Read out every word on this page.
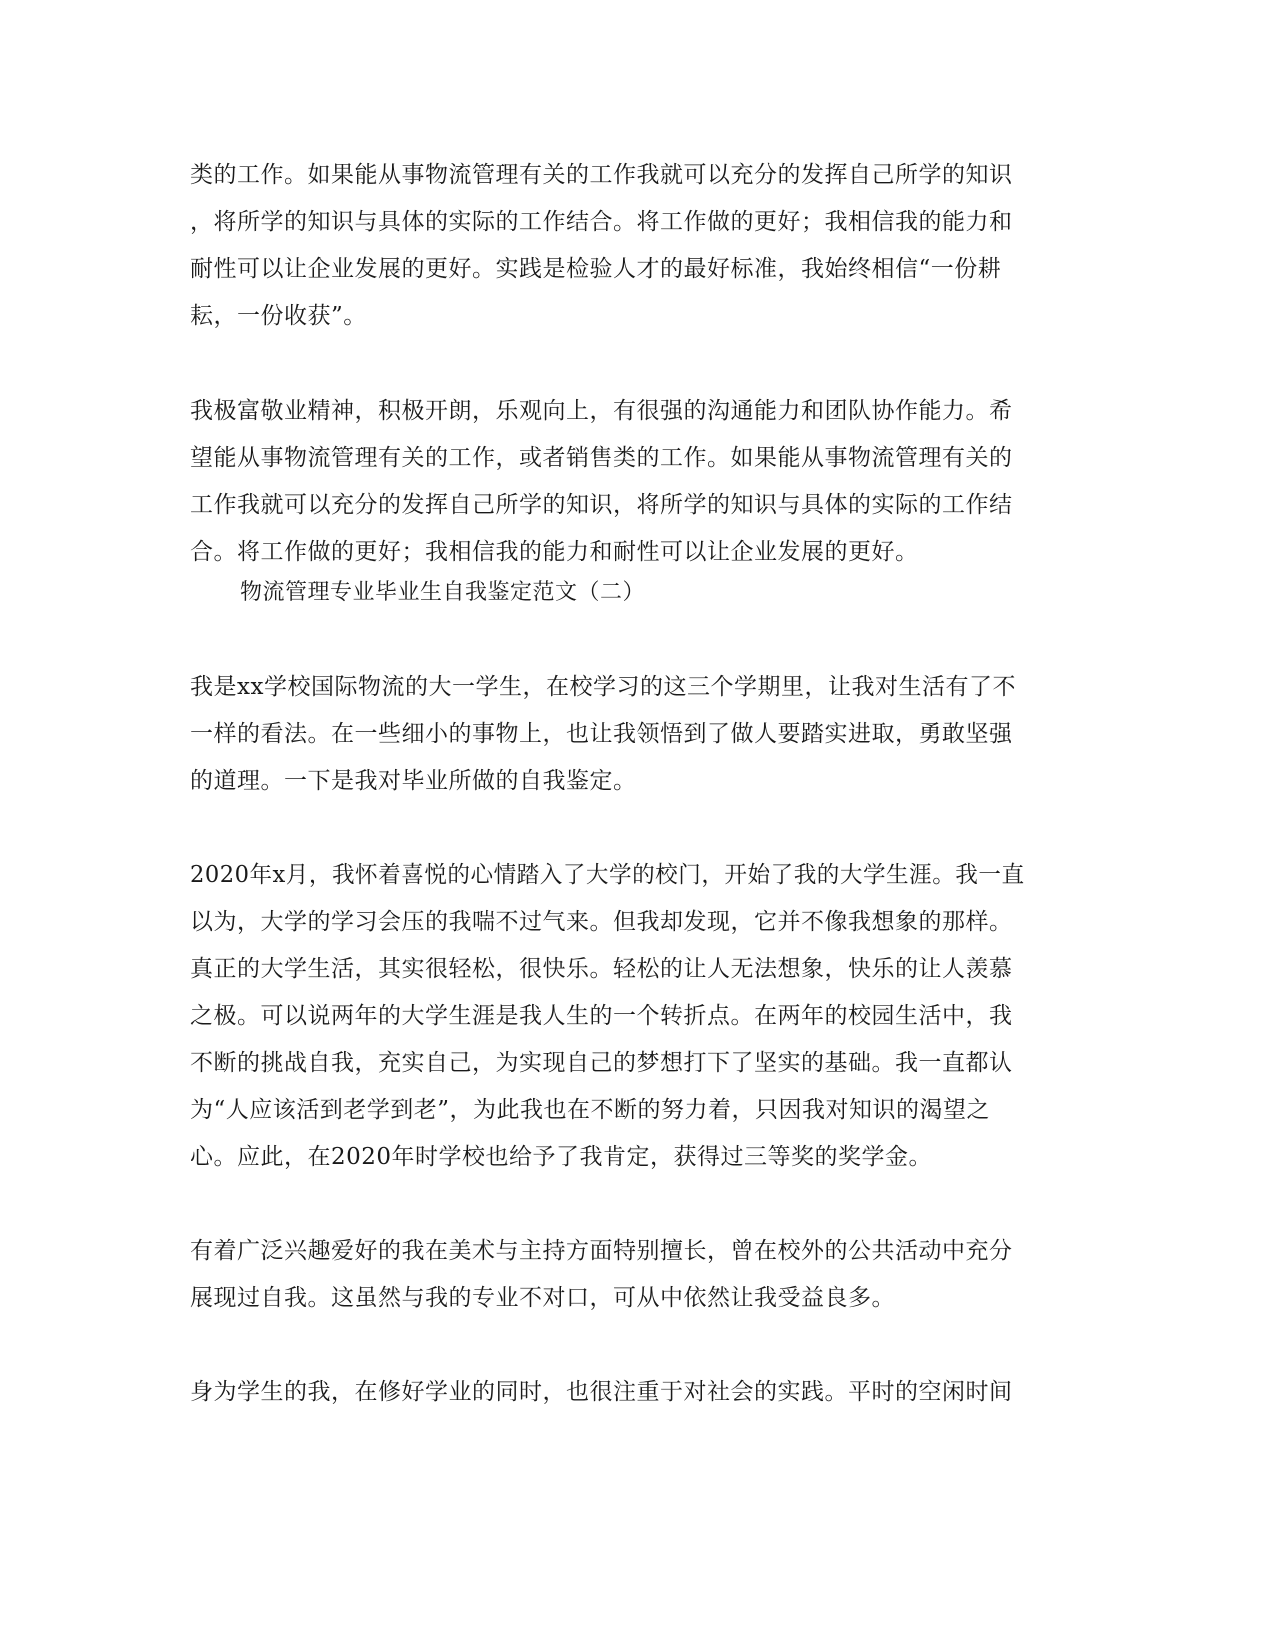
类的工作。如果能从事物流管理有关的工作我就可以充分的发挥自己所学的知识
，将所学的知识与具体的实际的工作结合。将工作做的更好；我相信我的能力和
耐性可以让企业发展的更好。实践是检验人才的最好标准，我始终相信“一份耕
耘，一份收获”。
我极富敬业精神，积极开朗，乐观向上，有很强的沟通能力和团队协作能力。希
望能从事物流管理有关的工作，或者销售类的工作。如果能从事物流管理有关的
工作我就可以充分的发挥自己所学的知识，将所学的知识与具体的实际的工作结
合。将工作做的更好；我相信我的能力和耐性可以让企业发展的更好。
物流管理专业毕业生自我鉴定范文（二）
我是xx学校国际物流的大一学生，在校学习的这三个学期里，让我对生活有了不
一样的看法。在一些细小的事物上，也让我领悟到了做人要踏实进取，勇敢坚强
的道理。一下是我对毕业所做的自我鉴定。
2020年x月，我怀着喜悦的心情踏入了大学的校门，开始了我的大学生涯。我一直
以为，大学的学习会压的我喘不过气来。但我却发现，它并不像我想象的那样。
真正的大学生活，其实很轻松，很快乐。轻松的让人无法想象，快乐的让人羡慕
之极。可以说两年的大学生涯是我人生的一个转折点。在两年的校园生活中，我
不断的挑战自我，充实自己，为实现自己的梦想打下了坚实的基础。我一直都认
为“人应该活到老学到老”，为此我也在不断的努力着，只因我对知识的渴望之
心。应此，在2020年时学校也给予了我肯定，获得过三等奖的奖学金。
有着广泛兴趣爱好的我在美术与主持方面特别擅长，曾在校外的公共活动中充分
展现过自我。这虽然与我的专业不对口，可从中依然让我受益良多。
身为学生的我，在修好学业的同时，也很注重于对社会的实践。平时的空闲时间
